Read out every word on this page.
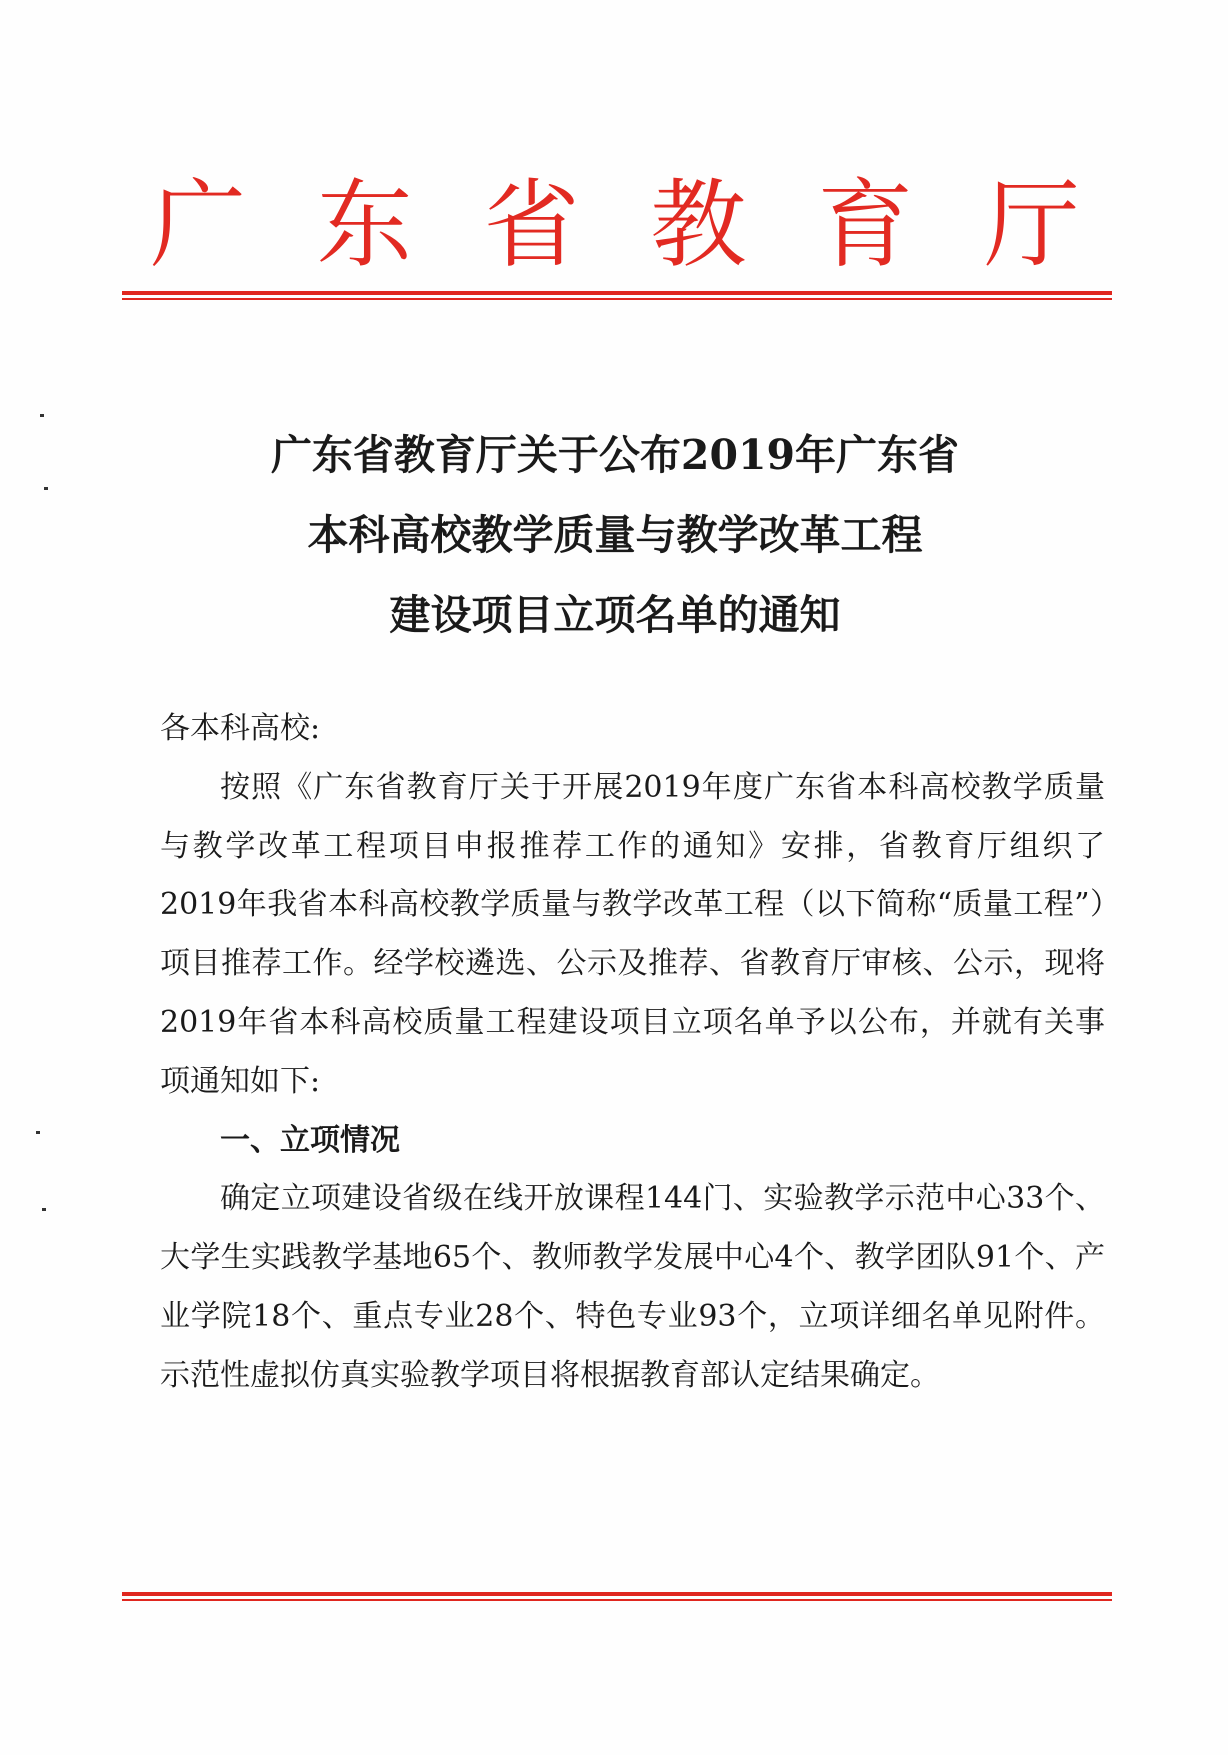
广 东 省 教 育 厅
广东省教育厅关于公布2019年广东省
本科高校教学质量与教学改革工程
建设项目立项名单的通知

各本科高校:

按照《广东省教育厅关于开展2019年度广东省本科高校教学质量与教学改革工程项目申报推荐工作的通知》安排，省教育厅组织了2019年我省本科高校教学质量与教学改革工程（以下简称“质量工程”）项目推荐工作。经学校遴选、公示及推荐、省教育厅审核、公示，现将2019年省本科高校质量工程建设项目立项名单予以公布，并就有关事项通知如下:

一、立项情况

确定立项建设省级在线开放课程144门、实验教学示范中心33个、大学生实践教学基地65个、教师教学发展中心4个、教学团队91个、产业学院18个、重点专业28个、特色专业93个，立项详细名单见附件。示范性虚拟仿真实验教学项目将根据教育部认定结果确定。
